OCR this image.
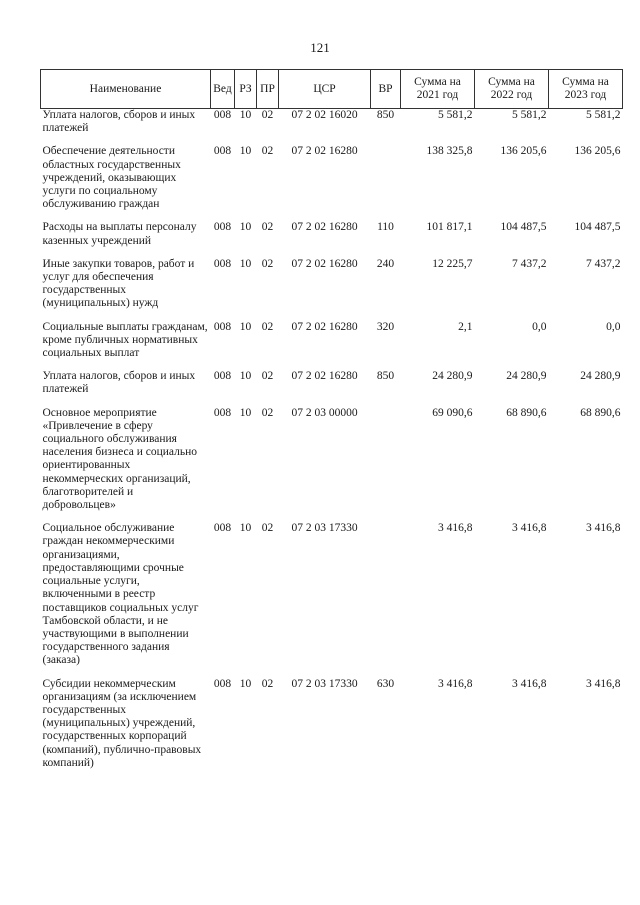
121
Наименование	Вед	РЗ	ПР	ЦСР	ВР	Сумма на 2021 год	Сумма на 2022 год	Сумма на 2023 год
Уплата налогов, сборов и иных платежей	008	10	02	07 2 02 16020	850	5 581,2	5 581,2	5 581,2
Обеспечение деятельности областных государственных учреждений, оказывающих услуги по социальному обслуживанию граждан	008	10	02	07 2 02 16280		138 325,8	136 205,6	136 205,6
Расходы на выплаты персоналу казенных учреждений	008	10	02	07 2 02 16280	110	101 817,1	104 487,5	104 487,5
Иные закупки товаров, работ и услуг для обеспечения государственных (муниципальных) нужд	008	10	02	07 2 02 16280	240	12 225,7	7 437,2	7 437,2
Социальные выплаты гражданам, кроме публичных нормативных социальных выплат	008	10	02	07 2 02 16280	320	2,1	0,0	0,0
Уплата налогов, сборов и иных платежей	008	10	02	07 2 02 16280	850	24 280,9	24 280,9	24 280,9
Основное мероприятие «Привлечение в сферу социального обслуживания населения бизнеса и социально ориентированных некоммерческих организаций, благотворителей и добровольцев»	008	10	02	07 2 03 00000		69 090,6	68 890,6	68 890,6
Социальное обслуживание граждан некоммерческими организациями, предоставляющими срочные социальные услуги, включенными в реестр поставщиков социальных услуг Тамбовской области, и не участвующими в выполнении государственного задания (заказа)	008	10	02	07 2 03 17330		3 416,8	3 416,8	3 416,8
Субсидии некоммерческим организациям (за исключением государственных (муниципальных) учреждений, государственных корпораций (компаний), публично-правовых компаний)	008	10	02	07 2 03 17330	630	3 416,8	3 416,8	3 416,8
